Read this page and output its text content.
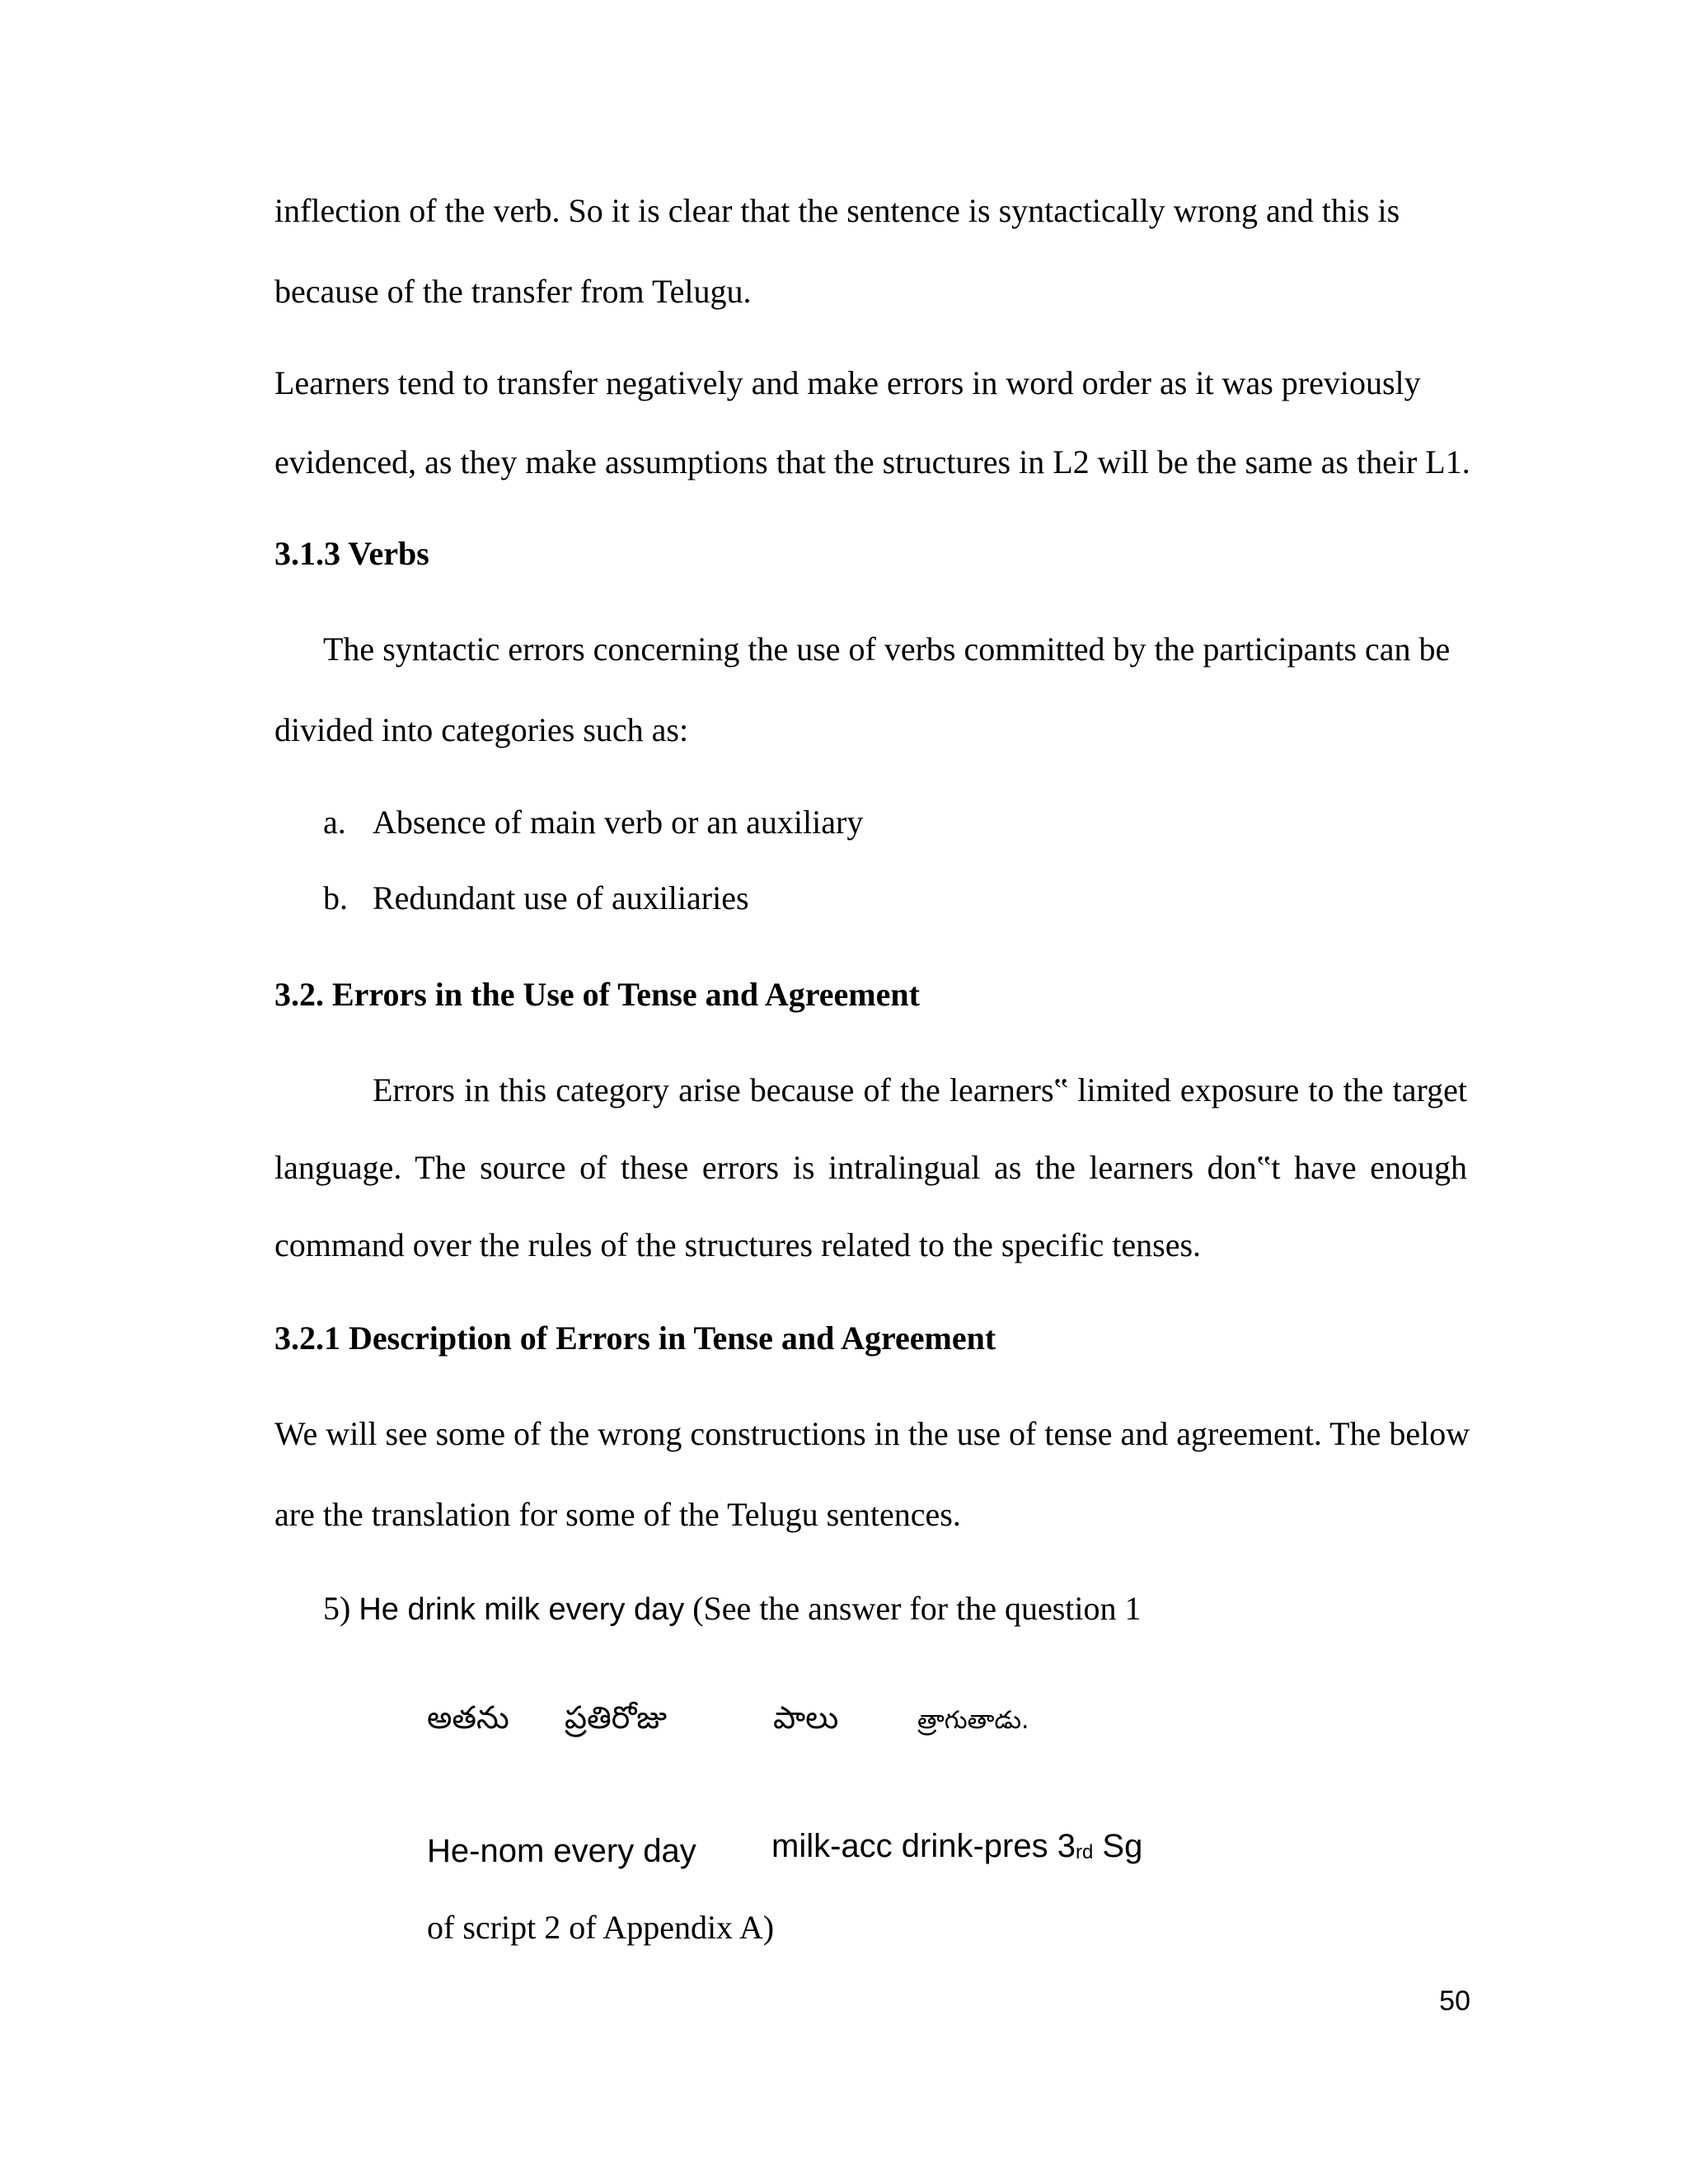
inflection of the verb. So it is clear that the sentence is syntactically wrong and this is

because of the transfer from Telugu.

Learners tend to transfer negatively and make errors in word order as it was previously

evidenced, as they make assumptions that the structures in L2 will be the same as their L1.

3.1.3 Verbs

The syntactic errors concerning the use of verbs committed by the participants can be

divided into categories such as:

a. Absence of main verb or an auxiliary
b. Redundant use of auxiliaries
3.2. Errors in the Use of Tense and Agreement

Errors in this category arise because of the learners‟ limited exposure to the target

language. The source of these errors is intralingual as the learners don‟t have enough

command over the rules of the structures related to the specific tenses.

3.2.1 Description of Errors in Tense and Agreement

We will see some of the wrong constructions in the use of tense and agreement. The below

are the translation for some of the Telugu sentences.

5) He drink milk every day (See the answer for the question 1

అతను ప్రతిరోజు	పాలు	త్రాగుతాడు.
He-nom every day milk-acc drink-pres $3_{rd}$ Sg

of script 2 of Appendix A)

50
